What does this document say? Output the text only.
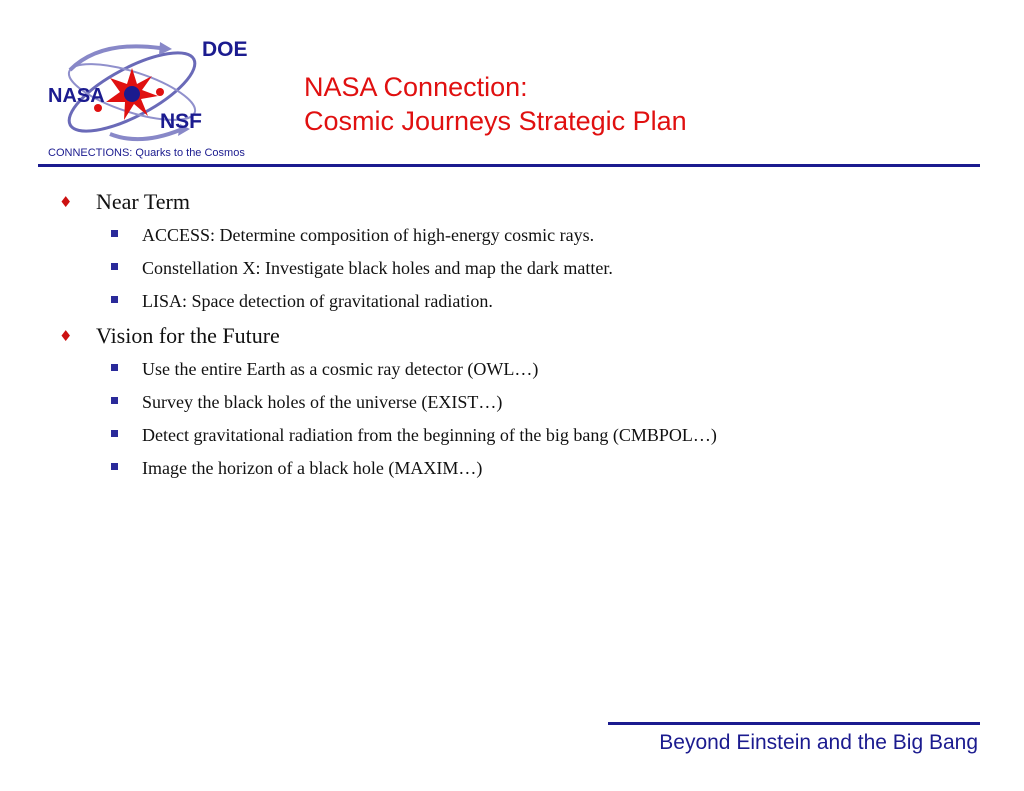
DOE
NASA
NSF
CONNECTIONS: Quarks to the Cosmos
NASA Connection:
Cosmic Journeys Strategic Plan
♦ Near Term
ACCESS: Determine composition of high-energy cosmic rays.
Constellation X: Investigate black holes and map the dark matter.
LISA: Space detection of gravitational radiation.
♦ Vision for the Future
Use the entire Earth as a cosmic ray detector (OWL…)
Survey the black holes of the universe (EXIST…)
Detect gravitational radiation from the beginning of the big bang (CMBPOL…)
Image the horizon of a black hole (MAXIM…)
Beyond Einstein and the Big Bang
